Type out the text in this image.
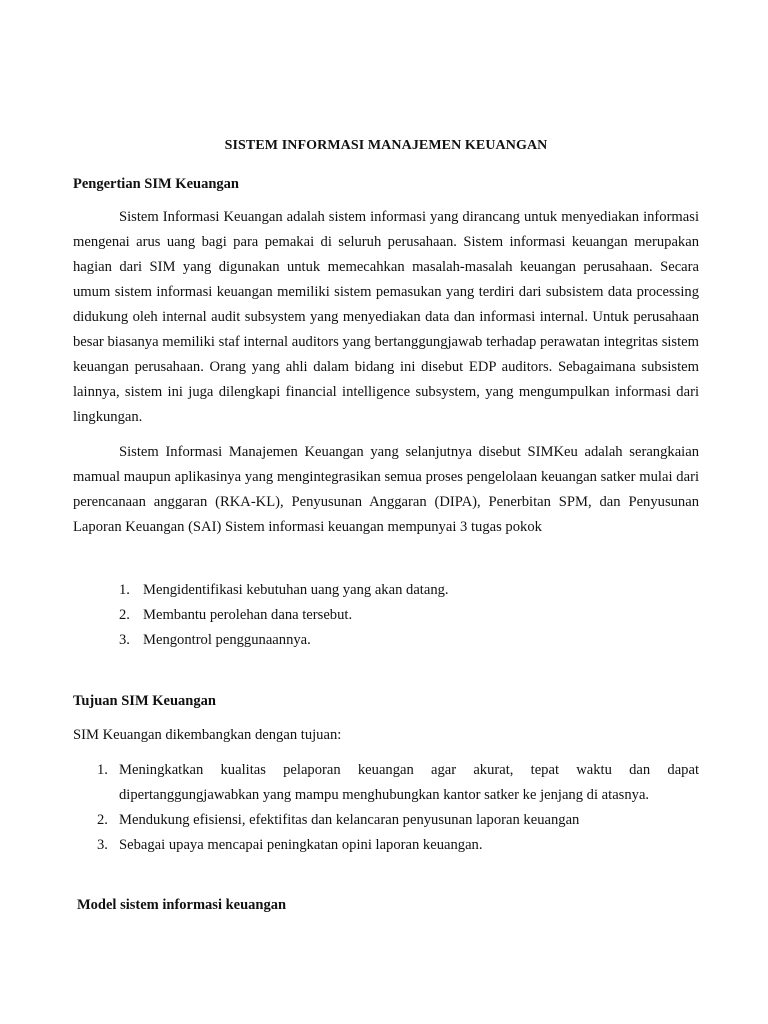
SISTEM INFORMASI MANAJEMEN KEUANGAN
Pengertian SIM Keuangan

Sistem Informasi Keuangan adalah sistem informasi yang dirancang untuk menyediakan informasi mengenai arus uang bagi para pemakai di seluruh perusahaan. Sistem informasi keuangan merupakan hagian dari SIM yang digunakan untuk memecahkan masalah-masalah keuangan perusahaan. Secara umum sistem informasi keuangan memiliki sistem pemasukan yang terdiri dari subsistem data processing didukung oleh internal audit subsystem yang menyediakan data dan informasi internal. Untuk perusahaan besar biasanya memiliki staf internal auditors yang bertanggungjawab terhadap perawatan integritas sistem keuangan perusahaan. Orang yang ahli dalam bidang ini disebut EDP auditors. Sebagaimana subsistem lainnya, sistem ini juga dilengkapi financial intelligence subsystem, yang mengumpulkan informasi dari lingkungan.

Sistem Informasi Manajemen Keuangan yang selanjutnya disebut SIMKeu adalah serangkaian mamual maupun aplikasinya yang mengintegrasikan semua proses pengelolaan keuangan satker mulai dari perencanaan anggaran (RKA-KL), Penyusunan Anggaran (DIPA), Penerbitan SPM, dan Penyusunan Laporan Keuangan (SAI) Sistem informasi keuangan mempunyai 3 tugas pokok

1. Mengidentifikasi kebutuhan uang yang akan datang.
2. Membantu perolehan dana tersebut.
3. Mengontrol penggunaannya.
Tujuan SIM Keuangan
SIM Keuangan dikembangkan dengan tujuan:
1. Meningkatkan kualitas pelaporan keuangan agar akurat, tepat waktu dan dapat dipertanggungjawabkan yang mampu menghubungkan kantor satker ke jenjang di atasnya.
2. Mendukung efisiensi, efektifitas dan kelancaran penyusunan laporan keuangan
3. Sebagai upaya mencapai peningkatan opini laporan keuangan.
Model sistem informasi keuangan
